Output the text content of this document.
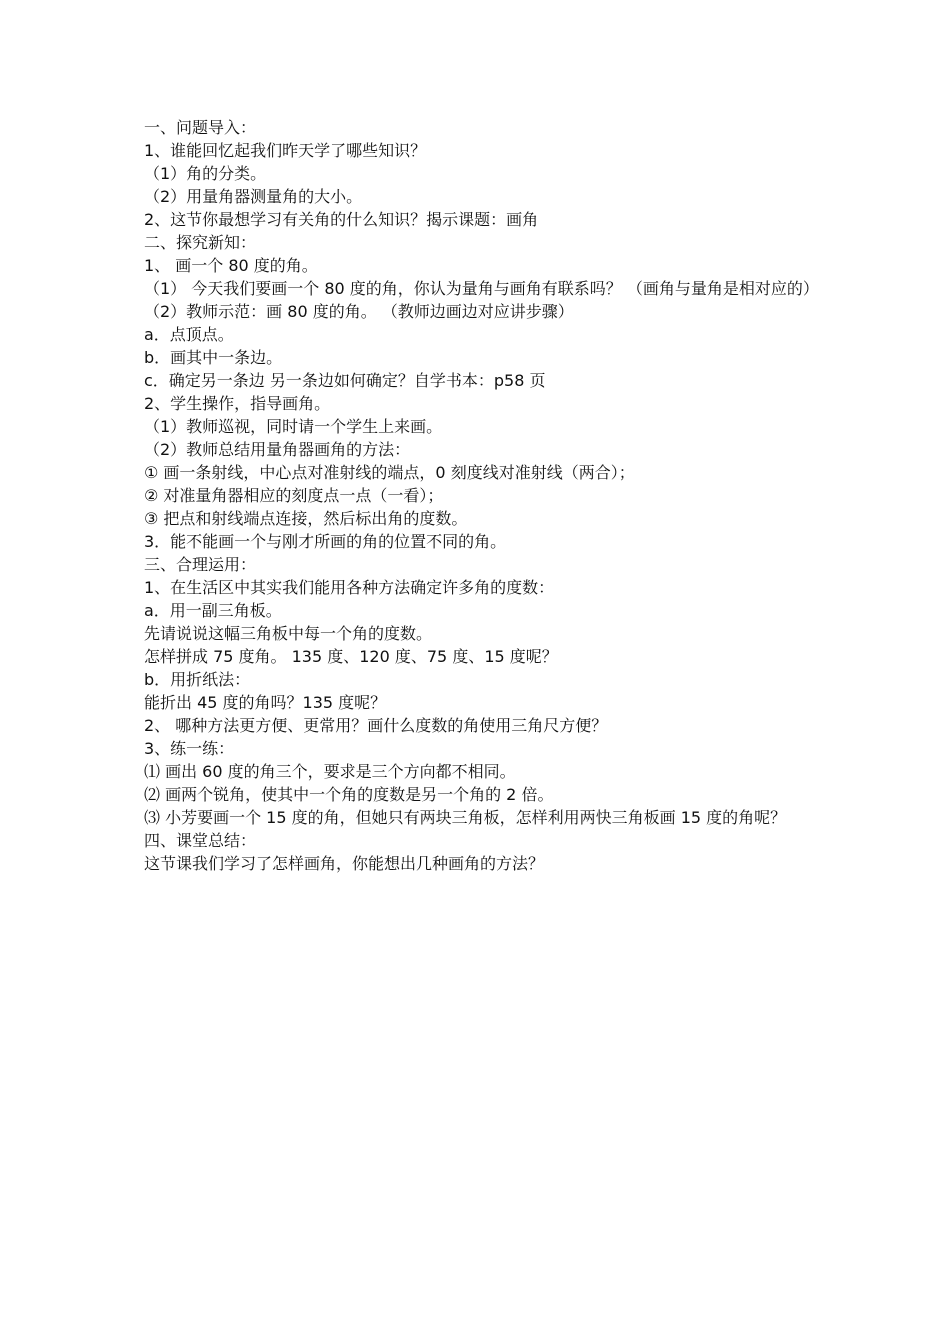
一、问题导入：

1、谁能回忆起我们昨天学了哪些知识？

（1）角的分类。

（2）用量角器测量角的大小。

2、这节你最想学习有关角的什么知识？揭示课题：画角

二、探究新知：

1、 画一个 80 度的角。

（1） 今天我们要画一个 80 度的角，你认为量角与画角有联系吗？ （画角与量角是相对应的）

（2）教师示范：画 80 度的角。 （教师边画边对应讲步骤）

a．点顶点。

b．画其中一条边。

c．确定另一条边 另一条边如何确定？自学书本：p58 页

2、学生操作，指导画角。

（1）教师巡视，同时请一个学生上来画。

（2）教师总结用量角器画角的方法：

① 画一条射线，中心点对准射线的端点，0 刻度线对准射线（两合）；

② 对准量角器相应的刻度点一点（一看）；

③ 把点和射线端点连接，然后标出角的度数。

3．能不能画一个与刚才所画的角的位置不同的角。

三、合理运用：

1、在生活区中其实我们能用各种方法确定许多角的度数：

a．用一副三角板。

先请说说这幅三角板中每一个角的度数。

怎样拼成 75 度角。 135 度、120 度、75 度、15 度呢？

b．用折纸法：

能折出 45 度的角吗？135 度呢？

2、 哪种方法更方便、更常用？画什么度数的角使用三角尺方便？

3、练一练：

⑴ 画出 60 度的角三个，要求是三个方向都不相同。

⑵ 画两个锐角，使其中一个角的度数是另一个角的 2 倍。

⑶ 小芳要画一个 15 度的角，但她只有两块三角板，怎样利用两快三角板画 15 度的角呢？

四、课堂总结：

这节课我们学习了怎样画角，你能想出几种画角的方法？
